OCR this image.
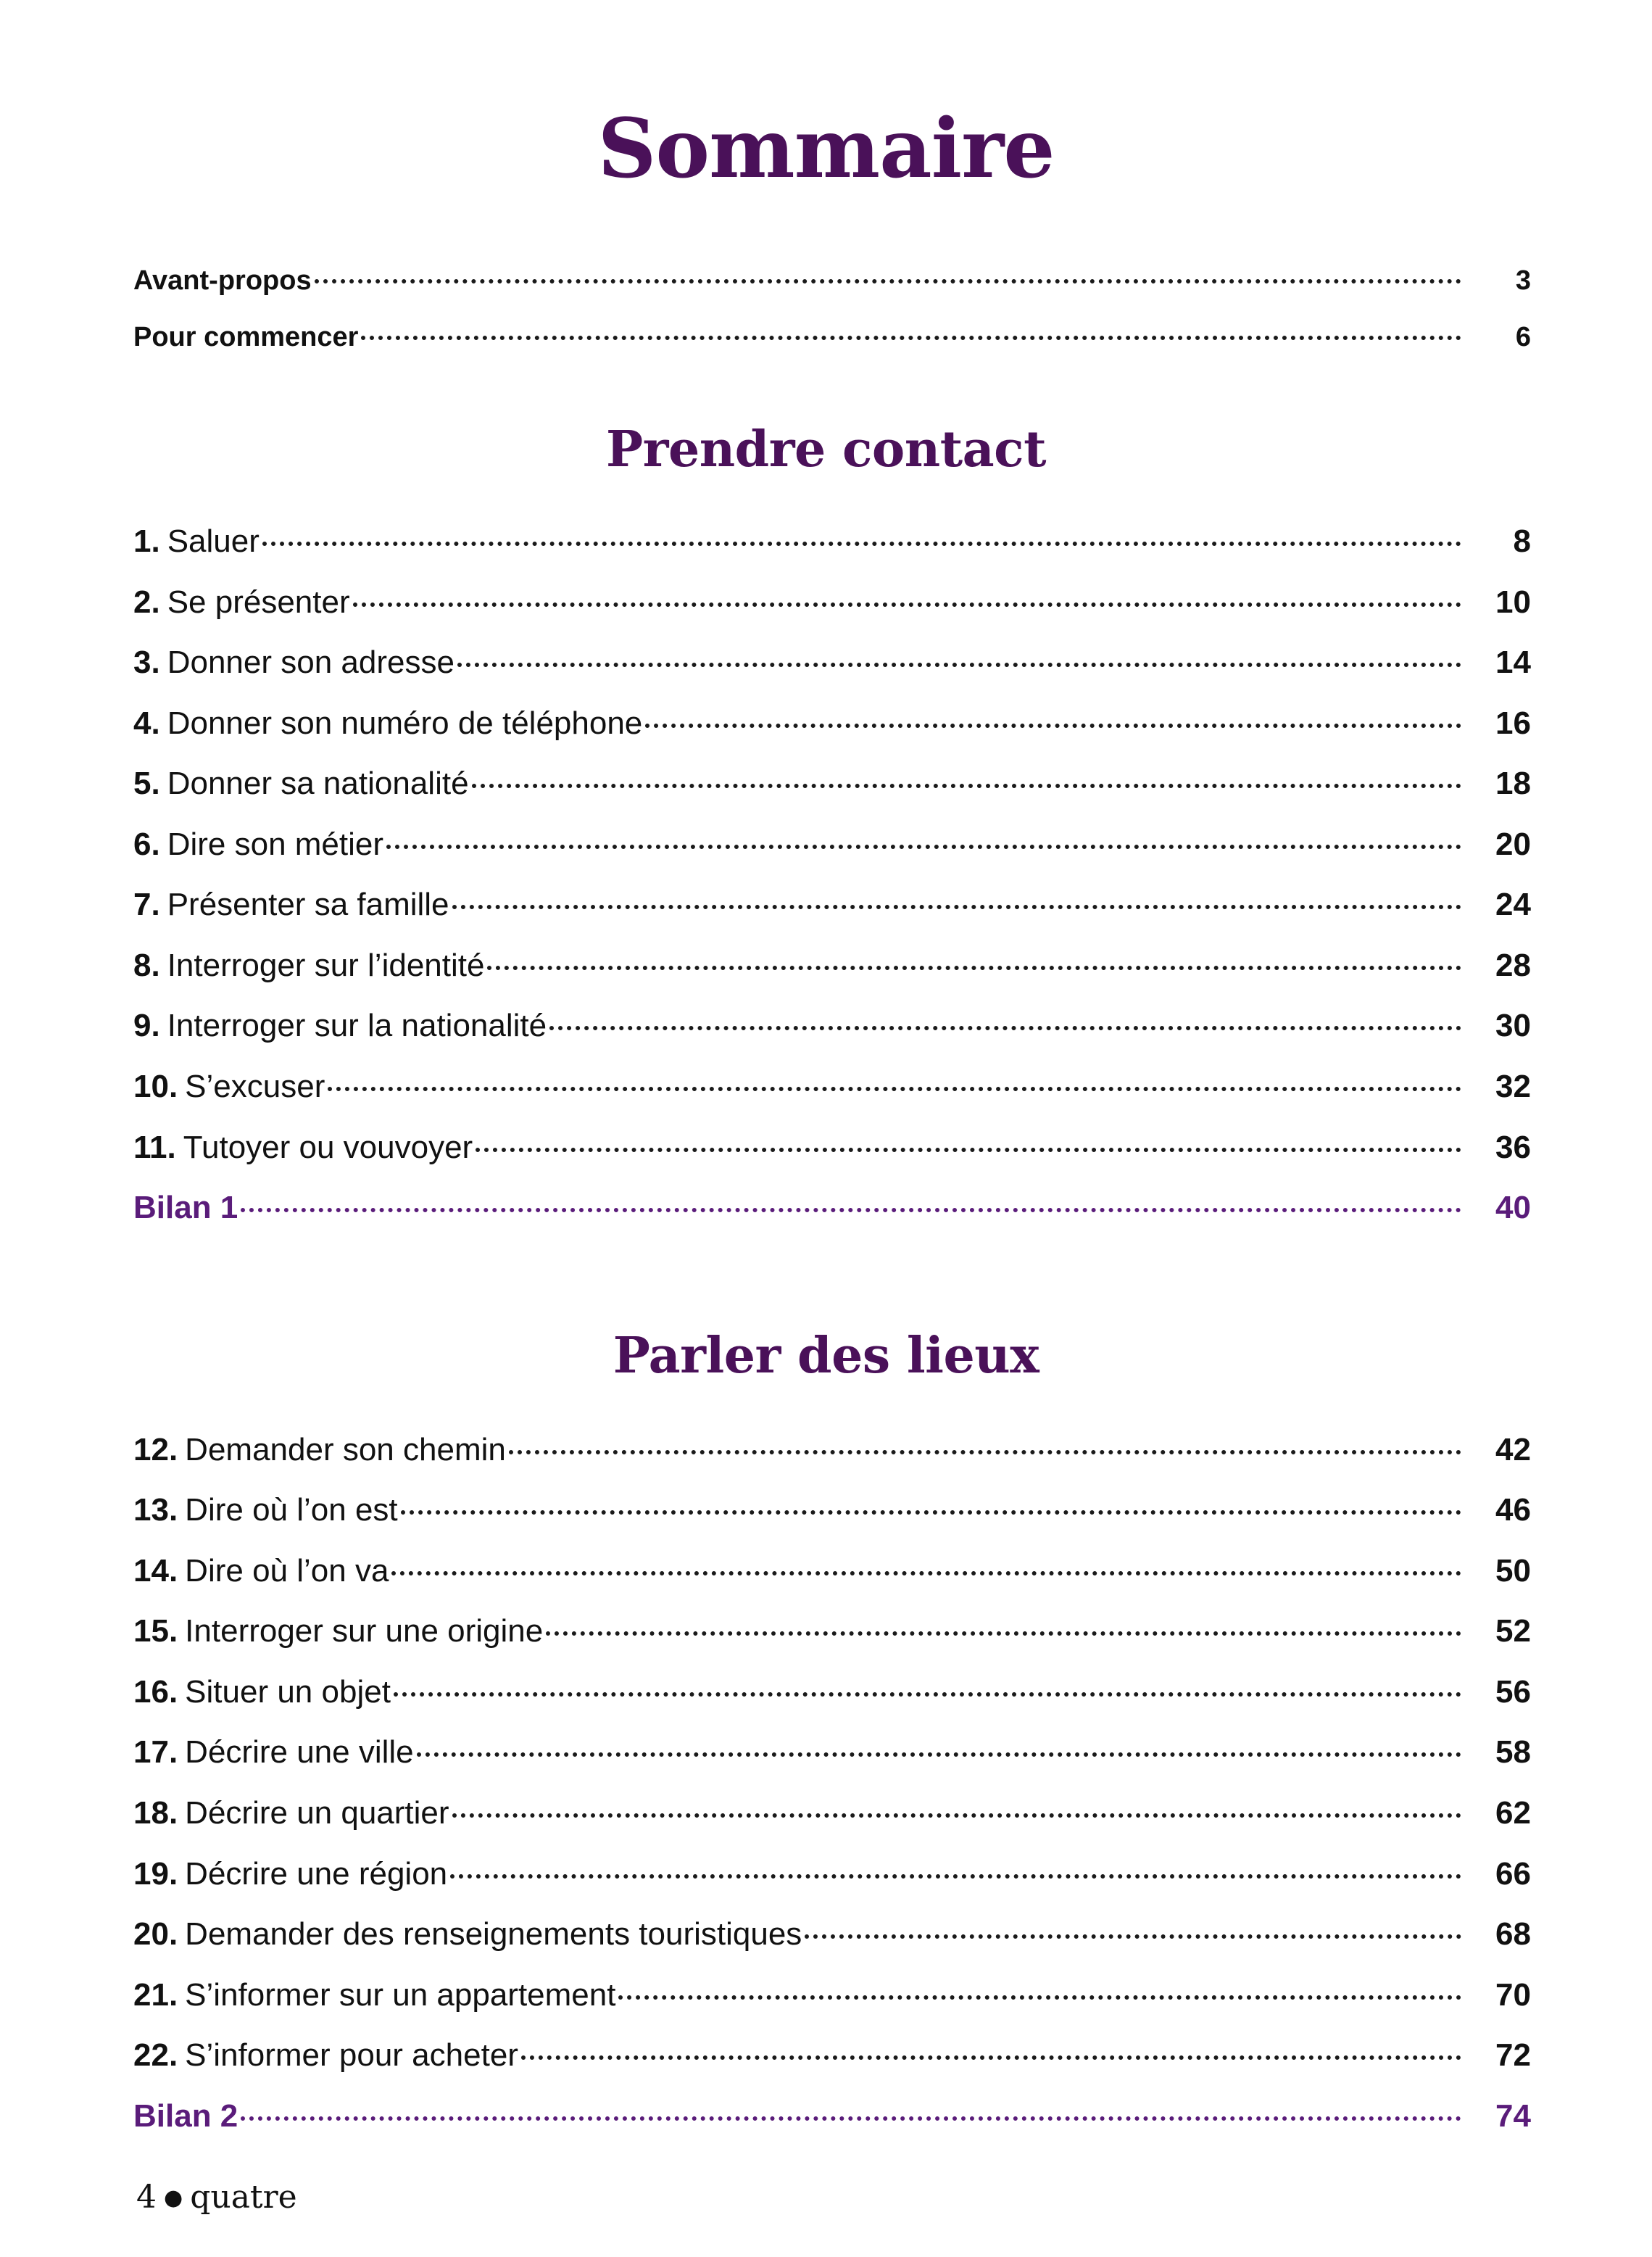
Sommaire
Avant-propos	3
Pour commencer	6
Prendre contact
1. Saluer	8
2. Se présenter	10
3. Donner son adresse	14
4. Donner son numéro de téléphone	16
5. Donner sa nationalité	18
6. Dire son métier	20
7. Présenter sa famille	24
8. Interroger sur l’identité	28
9. Interroger sur la nationalité	30
10. S’excuser	32
11. Tutoyer ou vouvoyer	36
Bilan 1	40
Parler des lieux
12. Demander son chemin	42
13. Dire où l’on est	46
14. Dire où l’on va	50
15. Interroger sur une origine	52
16. Situer un objet	56
17. Décrire une ville	58
18. Décrire un quartier	62
19. Décrire une région	66
20. Demander des renseignements touristiques	68
21. S’informer sur un appartement	70
22. S’informer pour acheter	72
Bilan 2	74
4 ● quatre
